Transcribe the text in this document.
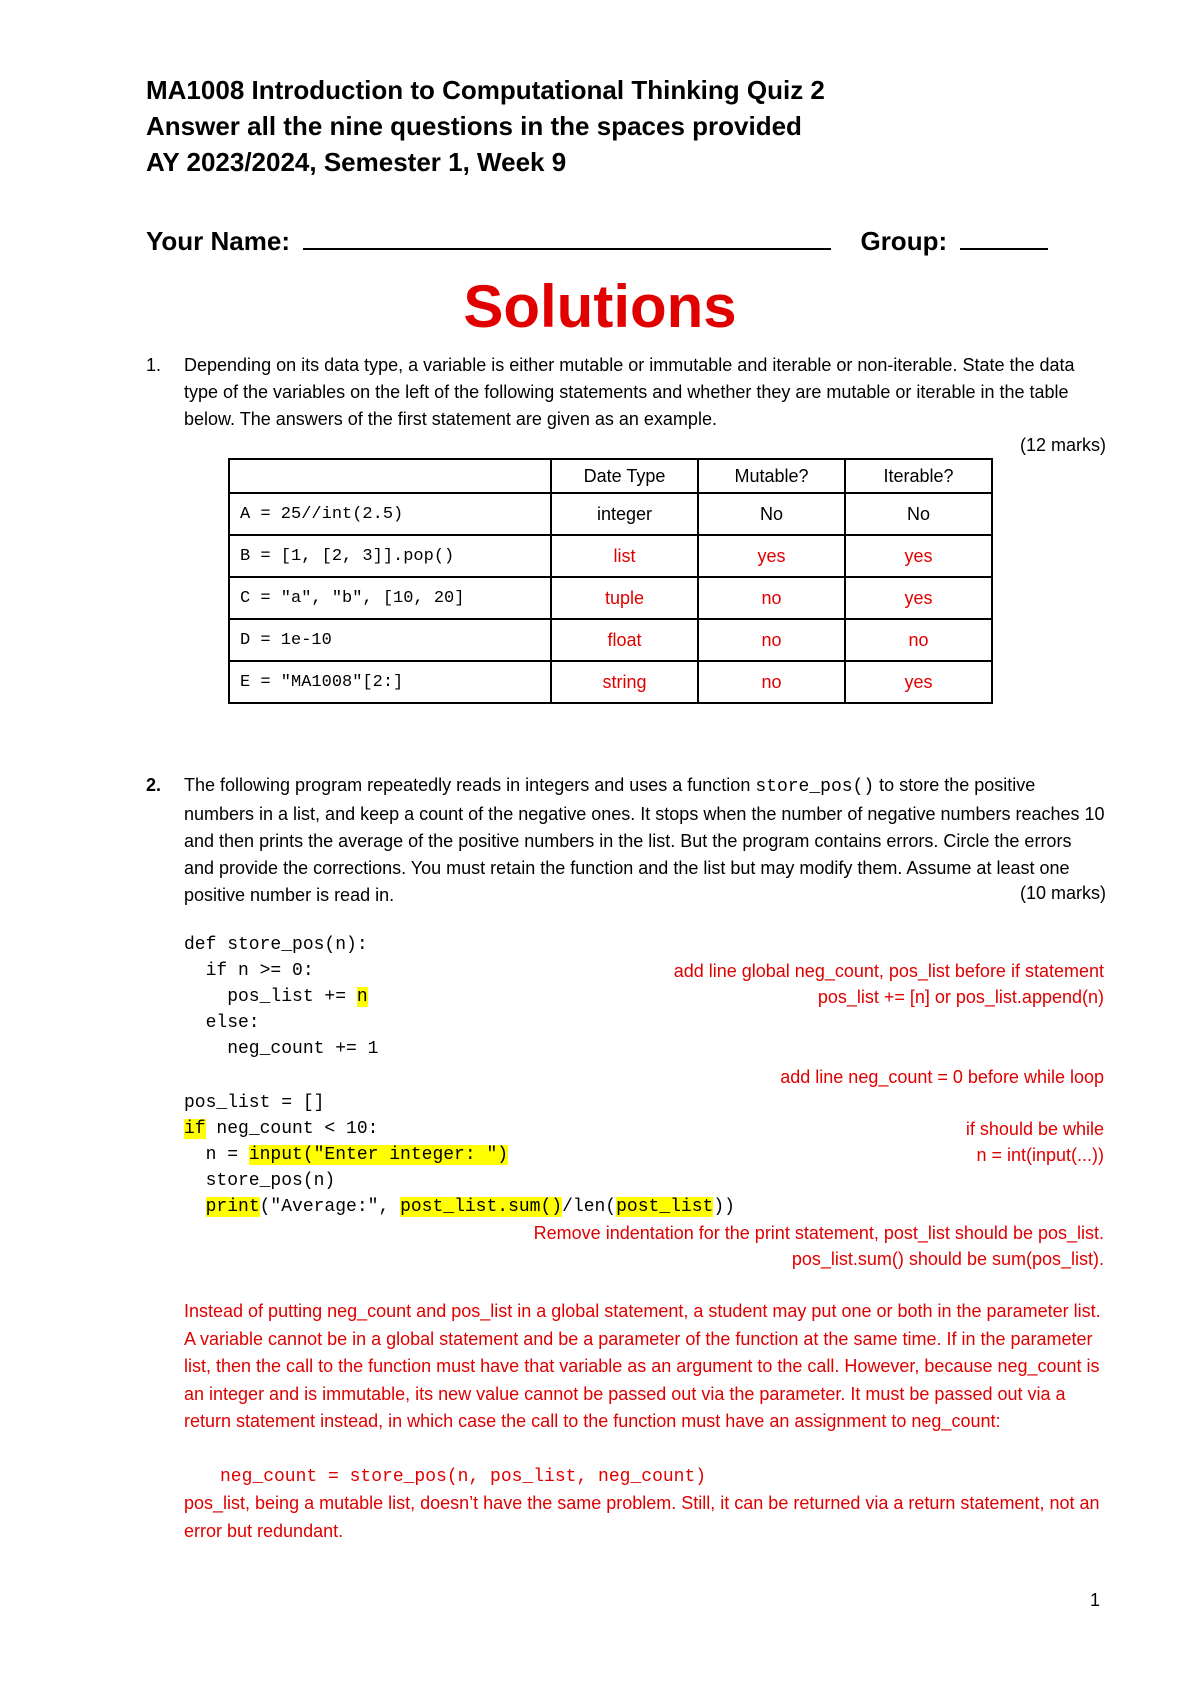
MA1008 Introduction to Computational Thinking Quiz 2
Answer all the nine questions in the spaces provided
AY 2023/2024, Semester 1, Week 9
Your Name:	Group:
Solutions
1. Depending on its data type, a variable is either mutable or immutable and iterable or non-iterable. State the data type of the variables on the left of the following statements and whether they are mutable or iterable in the table below. The answers of the first statement are given as an example.
(12 marks)
	Date Type	Mutable?	Iterable?
A = 25//int(2.5)	integer	No	No
B = [1, [2, 3]].pop()	list	yes	yes
C = "a", "b", [10, 20]	tuple	no	yes
D = 1e-10	float	no	no
E = "MA1008"[2:]	string	no	yes
2. The following program repeatedly reads in integers and uses a function store_pos() to store the positive numbers in a list, and keep a count of the negative ones. It stops when the number of negative numbers reaches 10 and then prints the average of the positive numbers in the list. But the program contains errors. Circle the errors and provide the corrections. You must retain the function and the list but may modify them. Assume at least one positive number is read in.	(10 marks)
def store_pos(n):
if n >= 0:
pos_list += n
else:
neg_count += 1
pos_list = []
if neg_count < 10:
n = input("Enter integer: ")
store_pos(n)
print("Average:", post_list.sum()/len(post_list))
add line global neg_count, pos_list before if statement
pos_list += [n] or pos_list.append(n)
add line neg_count = 0 before while loop
if should be while
n = int(input(...))
Remove indentation for the print statement, post_list should be pos_list.
pos_list.sum() should be sum(pos_list).
Instead of putting neg_count and pos_list in a global statement, a student may put one or both in the parameter list. A variable cannot be in a global statement and be a parameter of the function at the same time. If in the parameter list, then the call to the function must have that variable as an argument to the call. However, because neg_count is an integer and is immutable, its new value cannot be passed out via the parameter. It must be passed out via a return statement instead, in which case the call to the function must have an assignment to neg_count:
neg_count = store_pos(n, pos_list, neg_count)
pos_list, being a mutable list, doesn’t have the same problem. Still, it can be returned via a return statement, not an error but redundant.
1
